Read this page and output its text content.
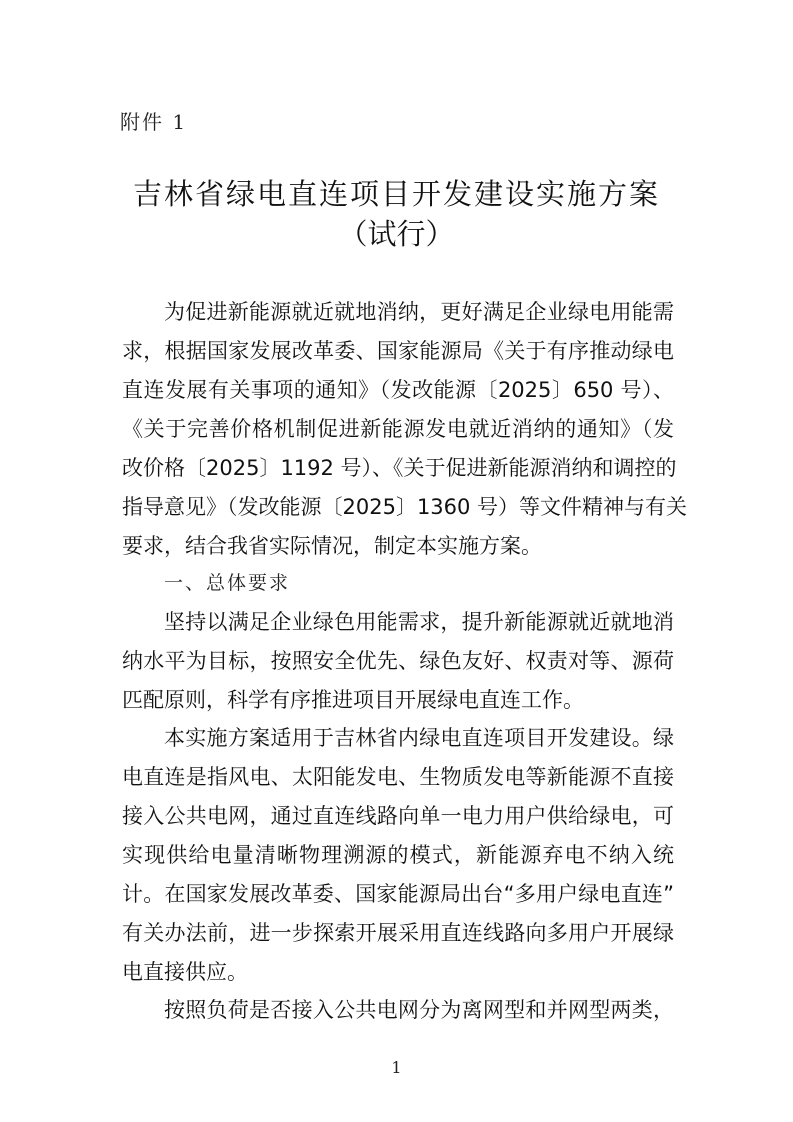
附件 1
吉林省绿电直连项目开发建设实施方案
（试行）
为促进新能源就近就地消纳，更好满足企业绿电用能需
求，根据国家发展改革委、国家能源局《关于有序推动绿电
直连发展有关事项的通知》（发改能源〔2025〕650 号）、
《关于完善价格机制促进新能源发电就近消纳的通知》（发
改价格〔2025〕1192 号）、《关于促进新能源消纳和调控的
指导意见》（发改能源〔2025〕1360 号）等文件精神与有关
要求，结合我省实际情况，制定本实施方案。
一、总体要求
坚持以满足企业绿色用能需求，提升新能源就近就地消
纳水平为目标，按照安全优先、绿色友好、权责对等、源荷
匹配原则，科学有序推进项目开展绿电直连工作。
本实施方案适用于吉林省内绿电直连项目开发建设。绿
电直连是指风电、太阳能发电、生物质发电等新能源不直接
接入公共电网，通过直连线路向单一电力用户供给绿电，可
实现供给电量清晰物理溯源的模式，新能源弃电不纳入统
计。在国家发展改革委、国家能源局出台“多用户绿电直连”
有关办法前，进一步探索开展采用直连线路向多用户开展绿
电直接供应。
按照负荷是否接入公共电网分为离网型和并网型两类，
1
